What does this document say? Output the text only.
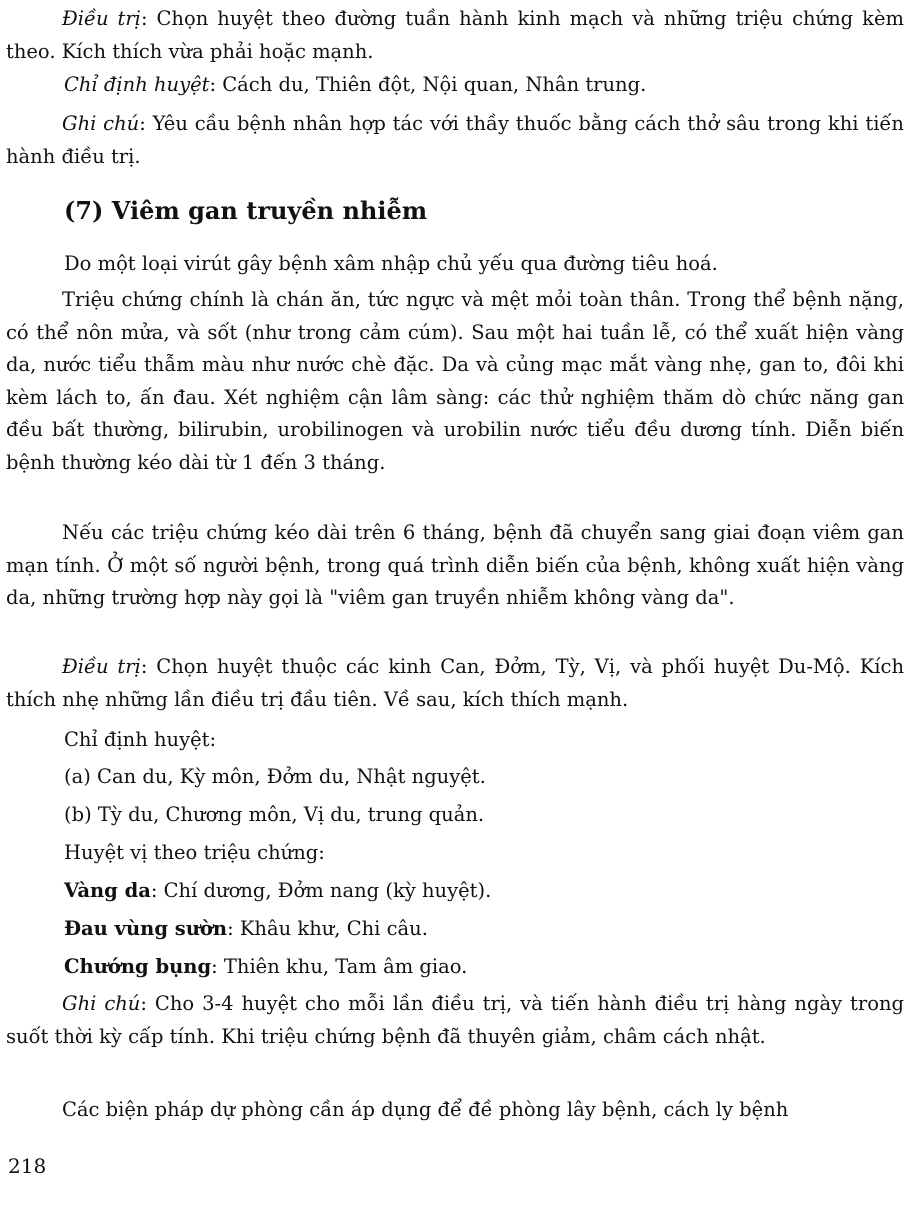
Điều trị: Chọn huyệt theo đường tuần hành kinh mạch và những triệu chứng kèm theo. Kích thích vừa phải hoặc mạnh.

Chỉ định huyệt: Cách du, Thiên đột, Nội quan, Nhân trung.

Ghi chú: Yêu cầu bệnh nhân hợp tác với thầy thuốc bằng cách thở sâu trong khi tiến hành điều trị.

(7) Viêm gan truyền nhiễm

Do một loại virút gây bệnh xâm nhập chủ yếu qua đường tiêu hoá.

Triệu chứng chính là chán ăn, tức ngực và mệt mỏi toàn thân. Trong thể bệnh nặng, có thể nôn mửa, và sốt (như trong cảm cúm). Sau một hai tuần lễ, có thể xuất hiện vàng da, nước tiểu thẫm màu như nước chè đặc. Da và củng mạc mắt vàng nhẹ, gan to, đôi khi kèm lách to, ấn đau. Xét nghiệm cận lâm sàng: các thử nghiệm thăm dò chức năng gan đều bất thường, bilirubin, urobilinogen và urobilin nước tiểu đều dương tính. Diễn biến bệnh thường kéo dài từ 1 đến 3 tháng.

Nếu các triệu chứng kéo dài trên 6 tháng, bệnh đã chuyển sang giai đoạn viêm gan mạn tính. Ở một số người bệnh, trong quá trình diễn biến của bệnh, không xuất hiện vàng da, những trường hợp này gọi là "viêm gan truyền nhiễm không vàng da".

Điều trị: Chọn huyệt thuộc các kinh Can, Đởm, Tỳ, Vị, và phối huyệt Du-Mộ. Kích thích nhẹ những lần điều trị đầu tiên. Về sau, kích thích mạnh.

Chỉ định huyệt:

(a) Can du, Kỳ môn, Đởm du, Nhật nguyệt.

(b) Tỳ du, Chương môn, Vị du, trung quản.

Huyệt vị theo triệu chứng:

Vàng da: Chí dương, Đởm nang (kỳ huyệt).

Đau vùng sườn: Khâu khư, Chi câu.

Chướng bụng: Thiên khu, Tam âm giao.

Ghi chú: Cho 3-4 huyệt cho mỗi lần điều trị, và tiến hành điều trị hàng ngày trong suốt thời kỳ cấp tính. Khi triệu chứng bệnh đã thuyên giảm, châm cách nhật.

Các biện pháp dự phòng cần áp dụng để đề phòng lây bệnh, cách ly bệnh

218
